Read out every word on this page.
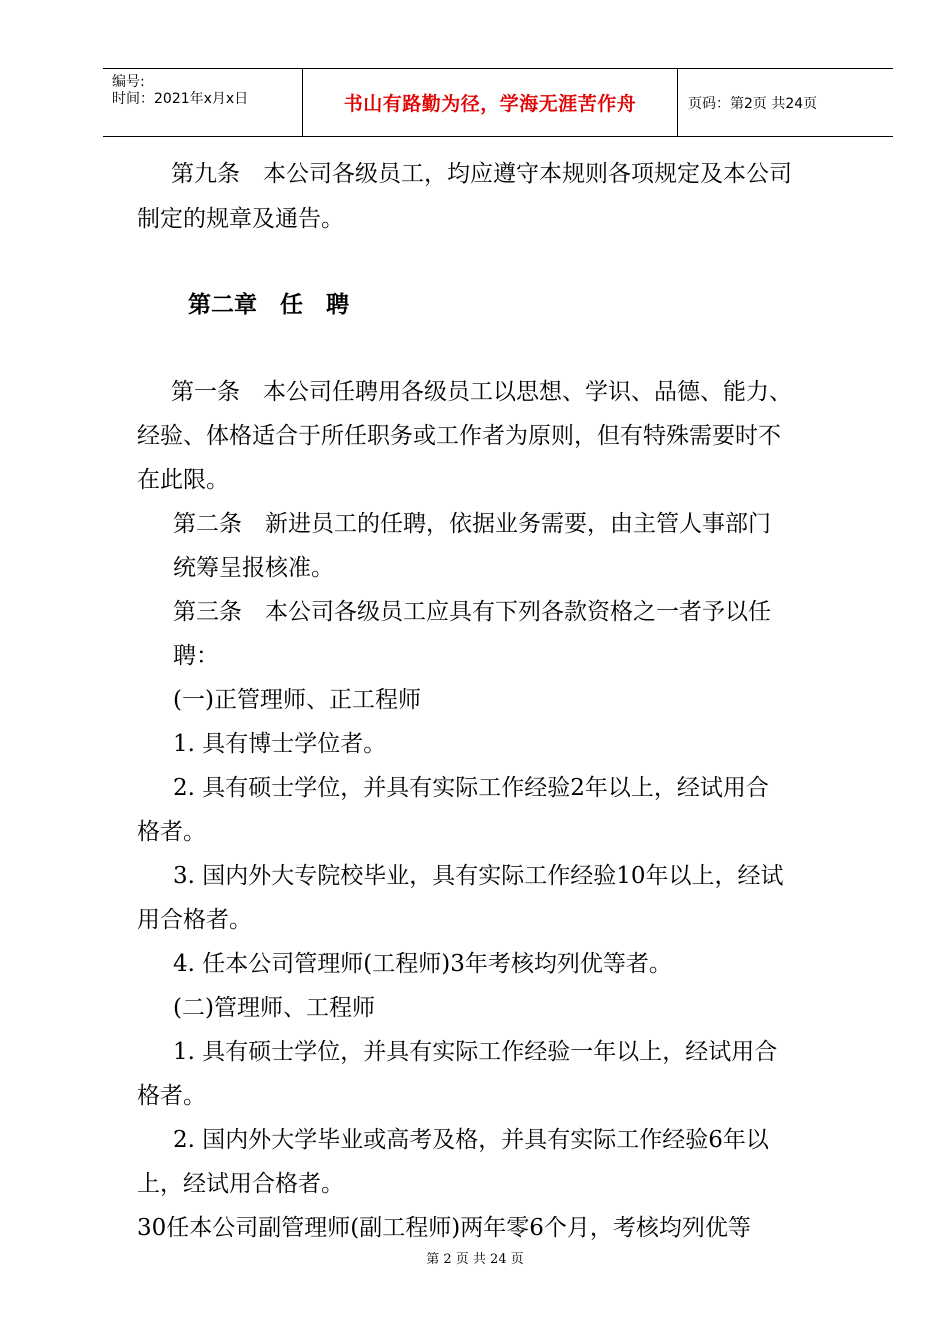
编号:
时间：2021年x月x日	书山有路勤为径，学海无涯苦作舟	页码：第2页 共24页
第九条　本公司各级员工，均应遵守本规则各项规定及本公司
制定的规章及通告。
第二章　任　聘
第一条　本公司任聘用各级员工以思想、学识、品德、能力、
经验、体格适合于所任职务或工作者为原则，但有特殊需要时不
在此限。
第二条　新进员工的任聘，依据业务需要，由主管人事部门
统筹呈报核准。
第三条　本公司各级员工应具有下列各款资格之一者予以任
聘：
(一)正管理师、正工程师
1. 具有博士学位者。
2. 具有硕士学位，并具有实际工作经验2年以上，经试用合
格者。
3. 国内外大专院校毕业，具有实际工作经验10年以上，经试
用合格者。
4. 任本公司管理师(工程师)3年考核均列优等者。
(二)管理师、工程师
1. 具有硕士学位，并具有实际工作经验一年以上，经试用合
格者。
2. 国内外大学毕业或高考及格，并具有实际工作经验6年以
上，经试用合格者。
30任本公司副管理师(副工程师)两年零6个月，考核均列优等
第 2 页 共 24 页
